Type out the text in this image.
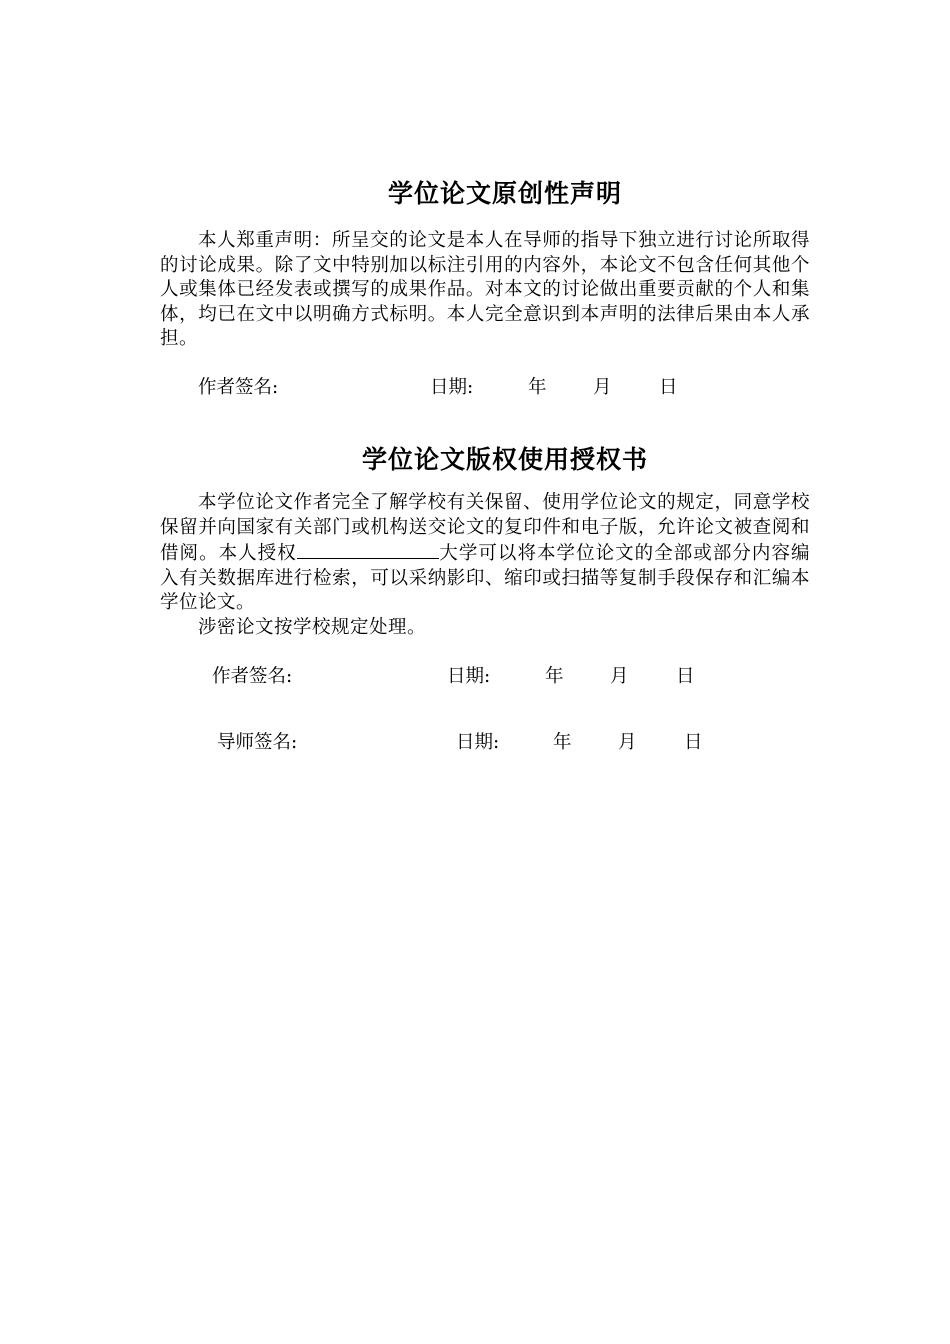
学位论文原创性声明

本人郑重声明：所呈交的论文是本人在导师的指导下独立进行讨论所取得的讨论成果。除了文中特别加以标注引用的内容外，本论文不包含任何其他个人或集体已经发表或撰写的成果作品。对本文的讨论做出重要贡献的个人和集体，均已在文中以明确方式标明。本人完全意识到本声明的法律后果由本人承担。

作者签名:	日期:	年	月	日
学位论文版权使用授权书

本学位论文作者完全了解学校有关保留、使用学位论文的规定，同意学校保留并向国家有关部门或机构送交论文的复印件和电子版，允许论文被查阅和借阅。本人授权	大学可以将本学位论文的全部或部分内容编入有关数据库进行检索，可以采纳影印、缩印或扫描等复制手段保存和汇编本学位论文。
涉密论文按学校规定处理。

作者签名:	日期:	年	月	日
导师签名:	日期:	年	月	日
